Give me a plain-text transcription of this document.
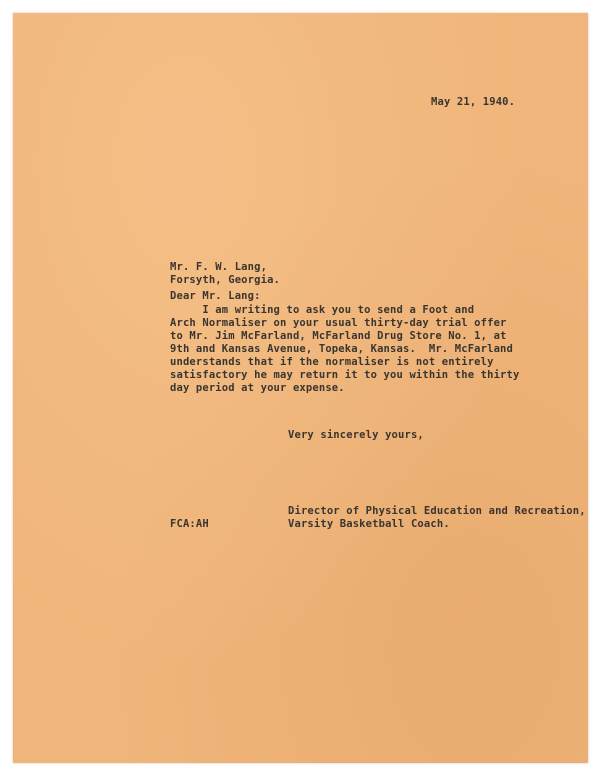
May 21, 1940.
Mr. F. W. Lang,
Forsyth, Georgia.
Dear Mr. Lang:
I am writing to ask you to send a Foot and
Arch Normaliser on your usual thirty-day trial offer
to Mr. Jim McFarland, McFarland Drug Store No. 1, at
9th and Kansas Avenue, Topeka, Kansas.  Mr. McFarland
understands that if the normaliser is not entirely
satisfactory he may return it to you within the thirty
day period at your expense.
Very sincerely yours,
Director of Physical Education and Recreation,
Varsity Basketball Coach.
FCA:AH
